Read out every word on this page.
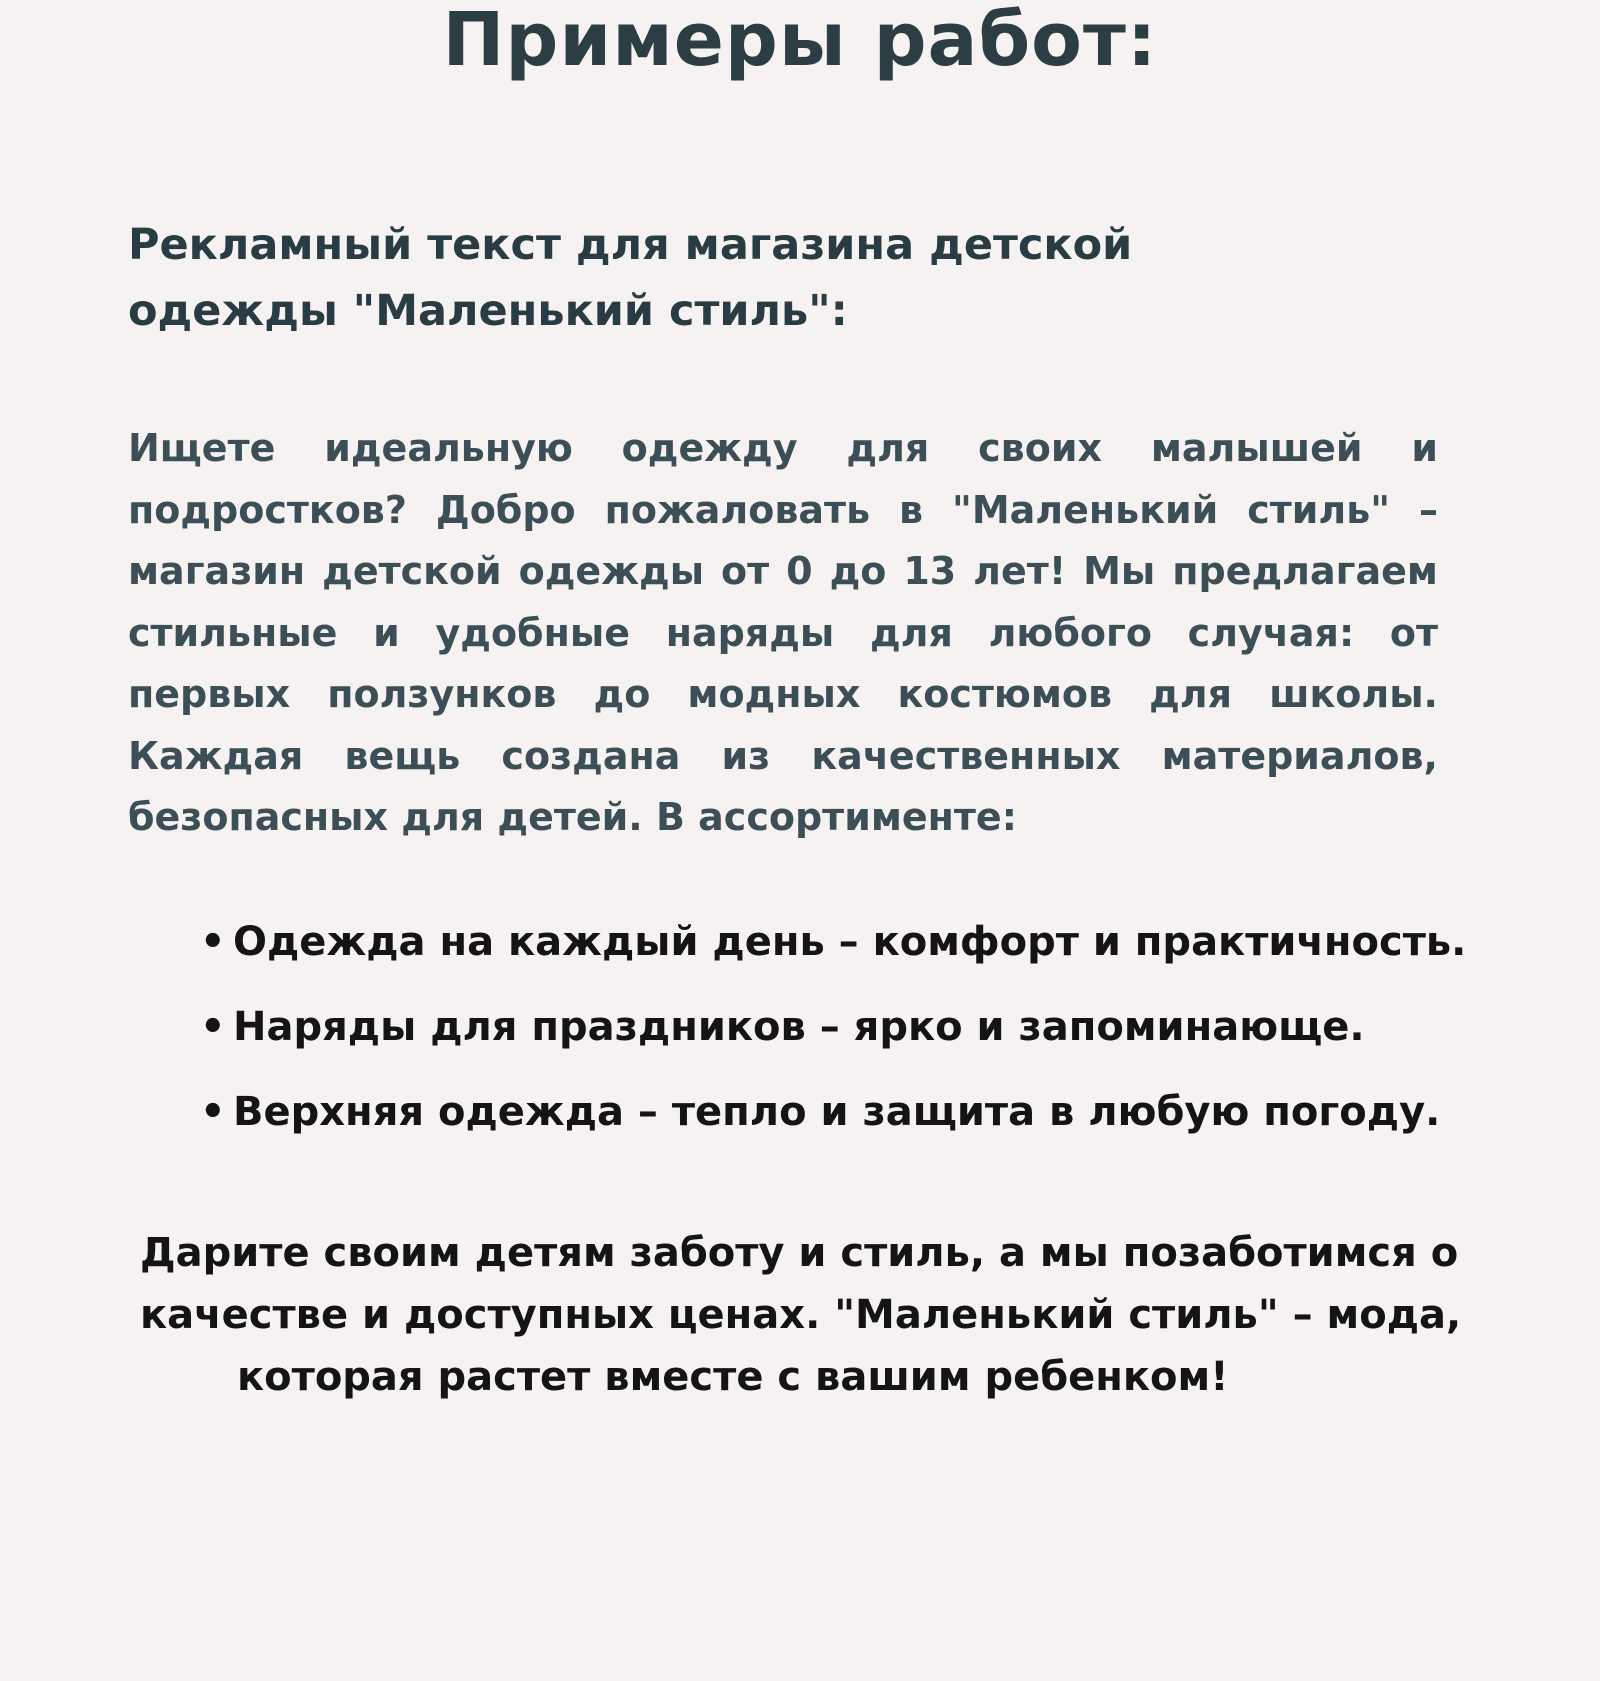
Примеры работ:
Рекламный текст для магазина детской одежды "Маленький стиль":

Ищете идеальную одежду для своих малышей и подростков? Добро пожаловать в "Маленький стиль" – магазин детской одежды от 0 до 13 лет! Мы предлагаем стильные и удобные наряды для любого случая: от первых ползунков до модных костюмов для школы. Каждая вещь создана из качественных материалов, безопасных для детей. В ассортименте:

• Одежда на каждый день – комфорт и практичность.
• Наряды для праздников – ярко и запоминающе.
• Верхняя одежда – тепло и защита в любую погоду.

Дарите своим детям заботу и стиль, а мы позаботимся о
качестве и доступных ценах. "Маленький стиль" – мода,
которая растет вместе с вашим ребенком!
